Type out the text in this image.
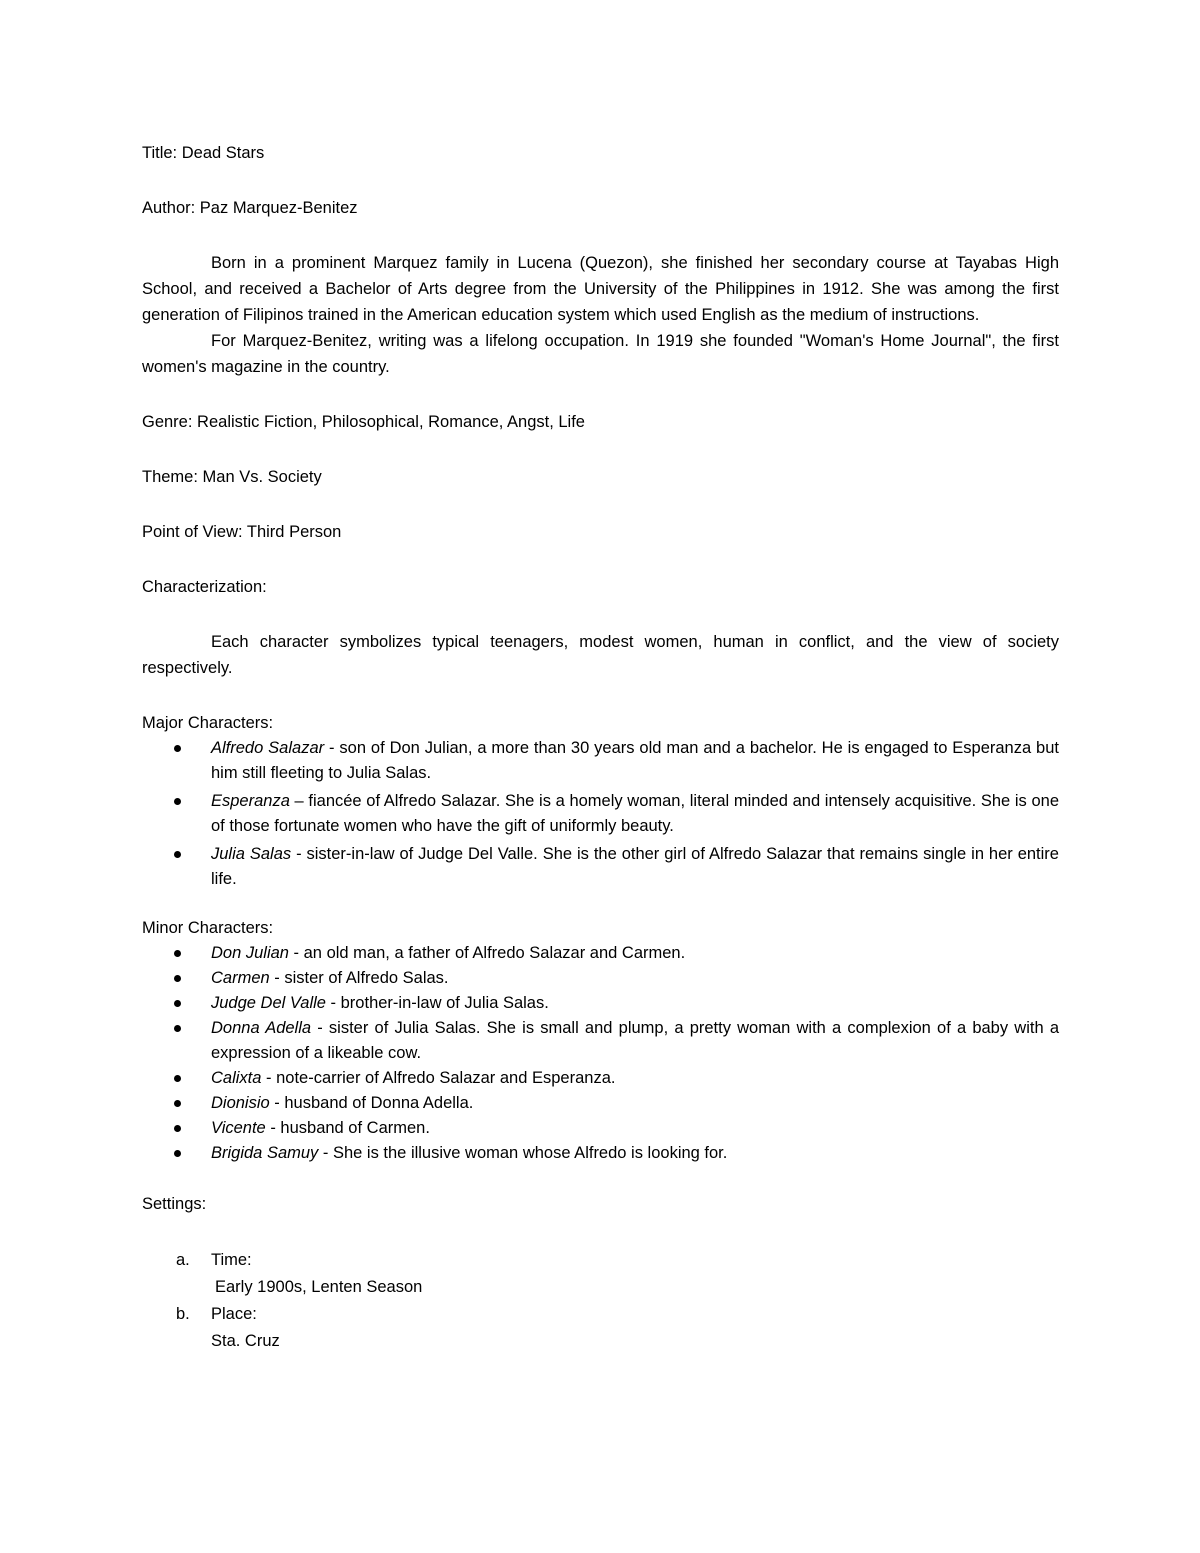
Title: Dead Stars

Author: Paz Marquez-Benitez

Born in a prominent Marquez family in Lucena (Quezon), she finished her secondary course at Tayabas High School, and received a Bachelor of Arts degree from the University of the Philippines in 1912. She was among the first generation of Filipinos trained in the American education system which used English as the medium of instructions.

For Marquez-Benitez, writing was a lifelong occupation. In 1919 she founded "Woman's Home Journal", the first women's magazine in the country.

Genre: Realistic Fiction, Philosophical, Romance, Angst, Life

Theme: Man Vs. Society

Point of View: Third Person

Characterization:

Each character symbolizes typical teenagers, modest women, human in conflict, and the view of society respectively.

Major Characters:

Alfredo Salazar - son of Don Julian, a more than 30 years old man and a bachelor. He is engaged to Esperanza but him still fleeting to Julia Salas.
Esperanza – fiancée of Alfredo Salazar. She is a homely woman, literal minded and intensely acquisitive. She is one of those fortunate women who have the gift of uniformly beauty.
Julia Salas - sister-in-law of Judge Del Valle. She is the other girl of Alfredo Salazar that remains single in her entire life.

Minor Characters:

Don Julian - an old man, a father of Alfredo Salazar and Carmen.
Carmen - sister of Alfredo Salas.
Judge Del Valle - brother-in-law of Julia Salas.
Donna Adella - sister of Julia Salas. She is small and plump, a pretty woman with a complexion of a baby with a expression of a likeable cow.
Calixta - note-carrier of Alfredo Salazar and Esperanza.
Dionisio - husband of Donna Adella.
Vicente - husband of Carmen.
Brigida Samuy - She is the illusive woman whose Alfredo is looking for.

Settings:

a. Time:
Early 1900s, Lenten Season
b. Place:
Sta. Cruz
